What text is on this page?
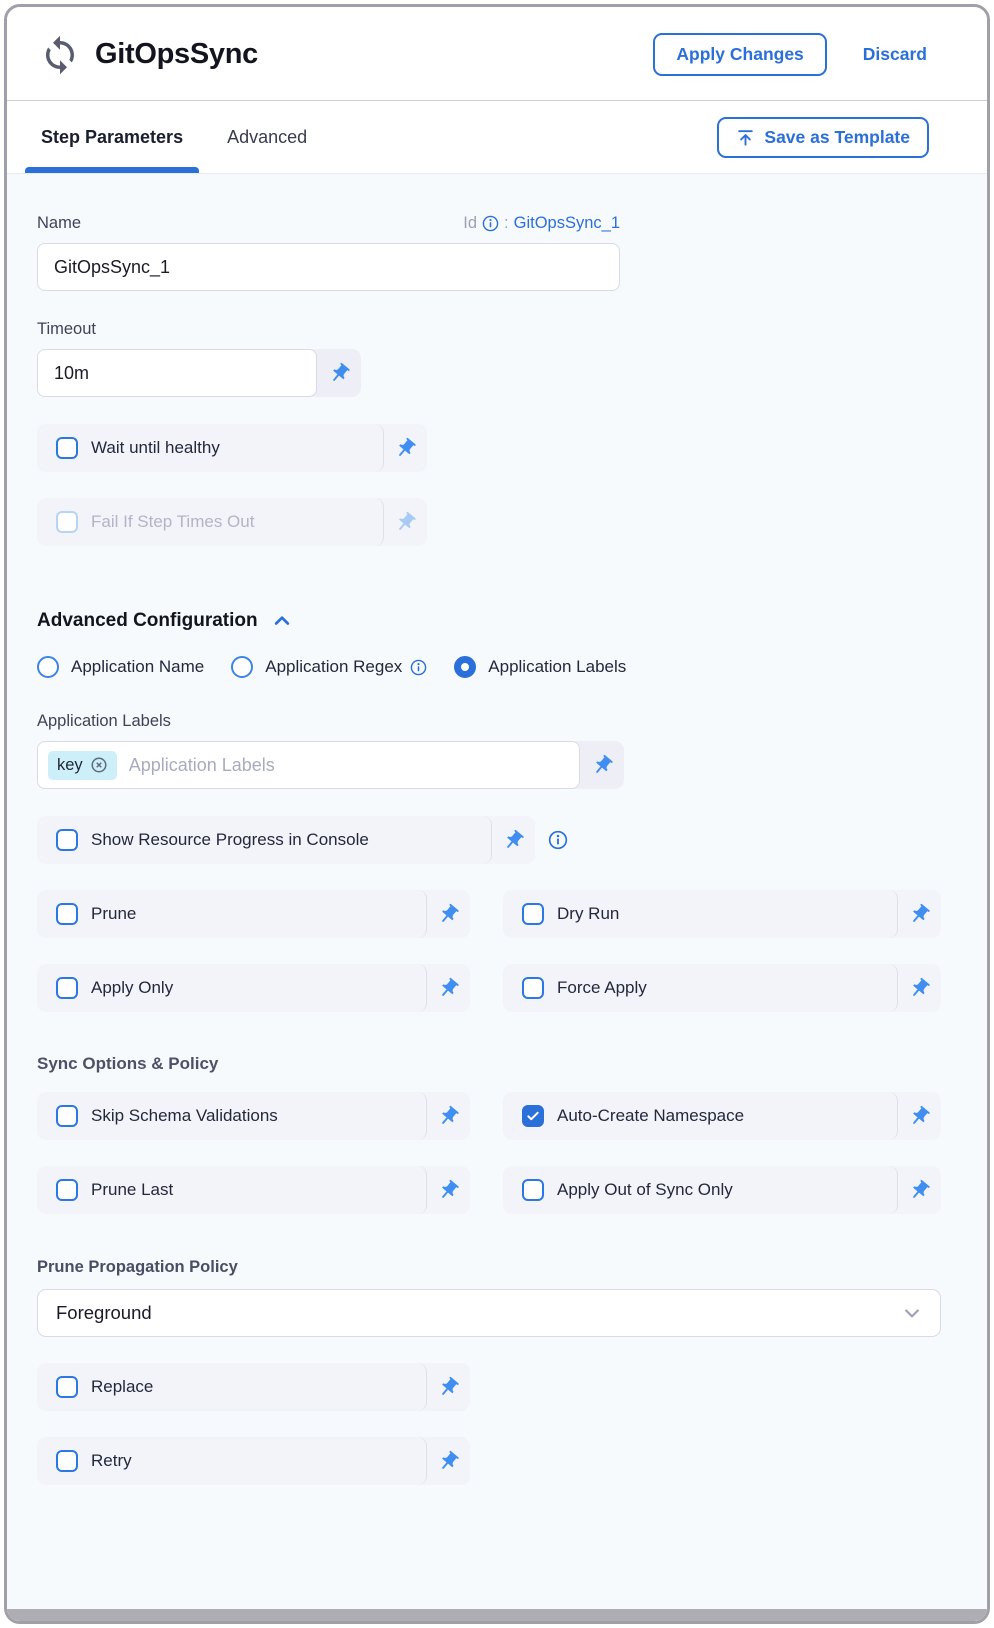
GitOpsSync	Apply Changes	Discard
Step Parameters Advanced	Save as Template
Name	Id : GitOpsSync_1
GitOpsSync_1
Timeout
10m
Wait until healthy
Fail If Step Times Out
Advanced Configuration
Application Name	Application Regex	Application Labels
Application Labels
key
Application Labels
Show Resource Progress in Console
Prune	Dry Run
Apply Only	Force Apply
Sync Options & Policy
Skip Schema Validations	Auto-Create Namespace
Prune Last	Apply Out of Sync Only
Prune Propagation Policy
Foreground
Replace
Retry
